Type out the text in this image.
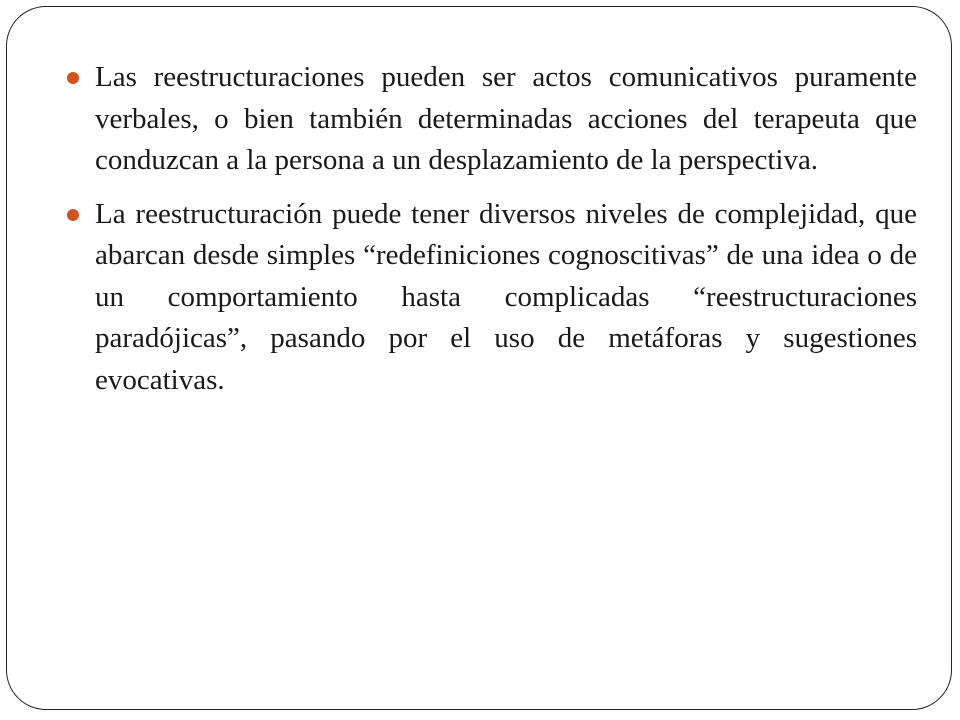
Las reestructuraciones pueden ser actos comunicativos puramente verbales, o bien también determinadas acciones del terapeuta que conduzcan a la persona a un desplazamiento de la perspectiva.
La reestructuración puede tener diversos niveles de complejidad, que abarcan desde simples “redefiniciones cognoscitivas” de una idea o de un comportamiento hasta complicadas “reestructuraciones paradójicas”, pasando por el uso de metáforas y sugestiones evocativas.
